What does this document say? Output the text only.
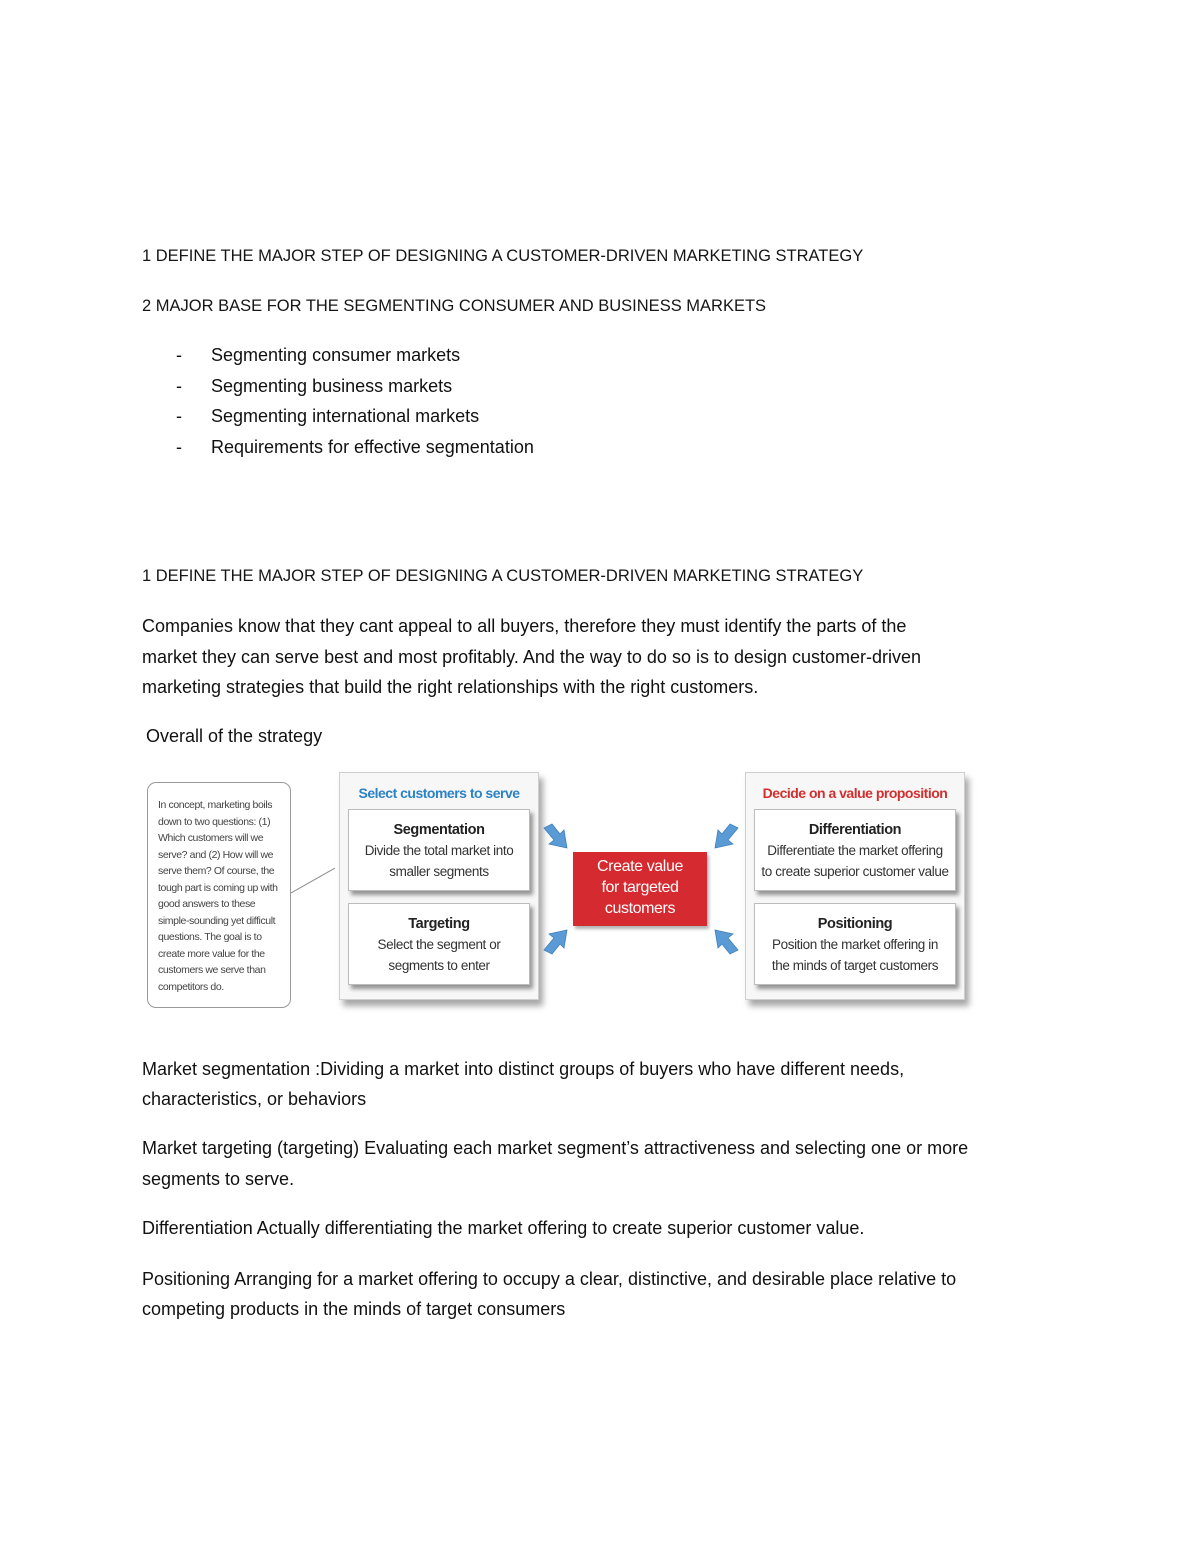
1 DEFINE THE MAJOR STEP OF DESIGNING A CUSTOMER-DRIVEN MARKETING STRATEGY
2 MAJOR BASE FOR THE SEGMENTING CONSUMER AND BUSINESS MARKETS
- Segmenting consumer markets
- Segmenting business markets
- Segmenting international markets
- Requirements for effective segmentation
1 DEFINE THE MAJOR STEP OF DESIGNING A CUSTOMER-DRIVEN MARKETING STRATEGY
Companies know that they cant appeal to all buyers, therefore they must identify the parts of the
market they can serve best and most profitably. And the way to do so is to design customer-driven
marketing strategies that build the right relationships with the right customers.
Overall of the strategy
In concept, marketing boils down to two questions: (1) Which customers will we serve? and (2) How will we serve them? Of course, the tough part is coming up with good answers to these simple-sounding yet difficult questions. The goal is to create more value for the customers we serve than competitors do.
Select customers to serve
Segmentation
Divide the total market into
smaller segments
Targeting
Select the segment or
segments to enter
Create value
for targeted
customers
Decide on a value proposition
Differentiation
Differentiate the market offering
to create superior customer value
Positioning
Position the market offering in
the minds of target customers
Market segmentation :Dividing a market into distinct groups of buyers who have different needs,
characteristics, or behaviors
Market targeting (targeting) Evaluating each market segment’s attractiveness and selecting one or more
segments to serve.
Differentiation Actually differentiating the market offering to create superior customer value.
Positioning Arranging for a market offering to occupy a clear, distinctive, and desirable place relative to
competing products in the minds of target consumers
